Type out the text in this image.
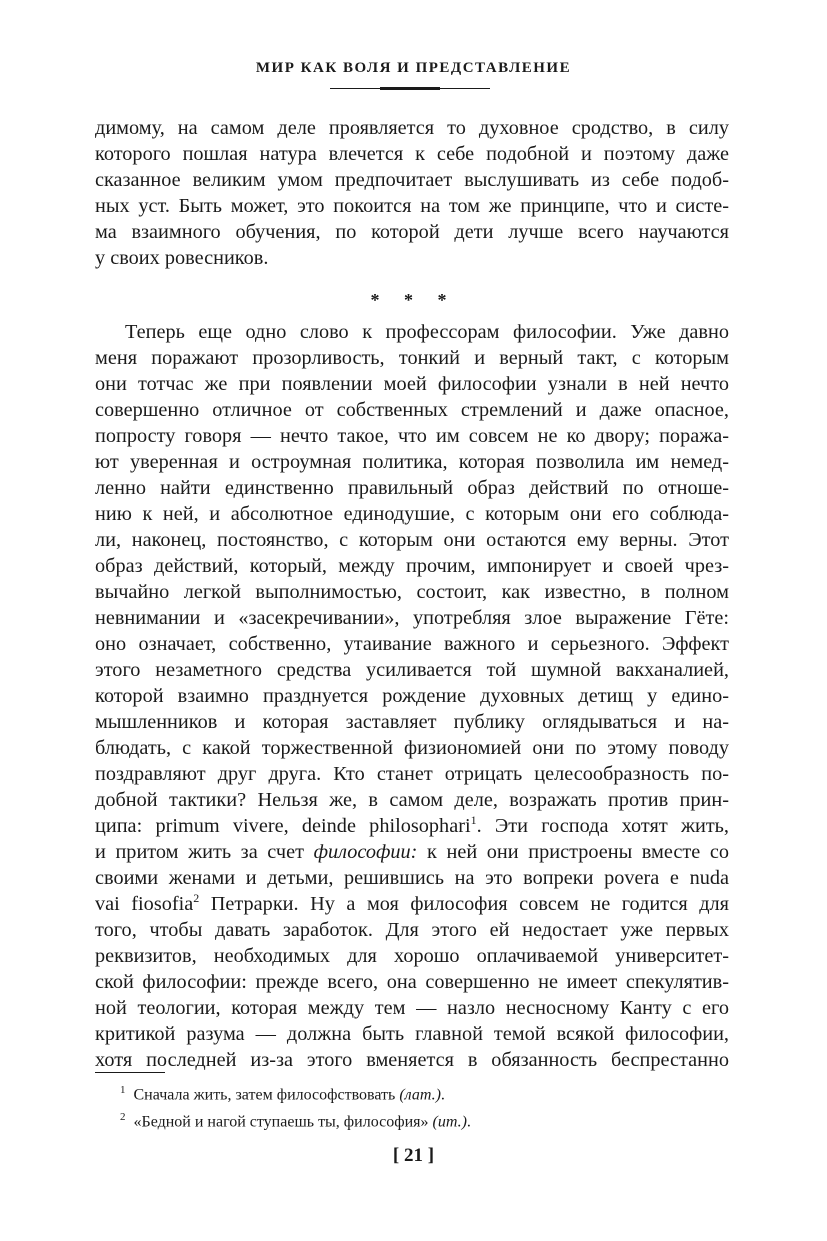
МИР КАК ВОЛЯ И ПРЕДСТАВЛЕНИЕ
димому, на самом деле проявляется то духовное сродство, в силу
которого пошлая натура влечется к себе подобной и поэтому даже
сказанное великим умом предпочитает выслушивать из себе подоб-
ных уст. Быть может, это покоится на том же принципе, что и систе-
ма взаимного обучения, по которой дети лучше всего научаются
у своих ровесников.
* * *
Теперь еще одно слово к профессорам философии. Уже давно
меня поражают прозорливость, тонкий и верный такт, с которым
они тотчас же при появлении моей философии узнали в ней нечто
совершенно отличное от собственных стремлений и даже опасное,
попросту говоря — нечто такое, что им совсем не ко двору; поража-
ют уверенная и остроумная политика, которая позволила им немед-
ленно найти единственно правильный образ действий по отноше-
нию к ней, и абсолютное единодушие, с которым они его соблюда-
ли, наконец, постоянство, с которым они остаются ему верны. Этот
образ действий, который, между прочим, импонирует и своей чрез-
вычайно легкой выполнимостью, состоит, как известно, в полном
невнимании и «засекречивании», употребляя злое выражение Гёте:
оно означает, собственно, утаивание важного и серьезного. Эффект
этого незаметного средства усиливается той шумной вакханалией,
которой взаимно празднуется рождение духовных детищ у едино-
мышленников и которая заставляет публику оглядываться и на-
блюдать, с какой торжественной физиономией они по этому поводу
поздравляют друг друга. Кто станет отрицать целесообразность по-
добной тактики? Нельзя же, в самом деле, возражать против прин-
ципа: primum vivere, deinde philosophari$^1$. Эти господа хотят жить,
и притом жить за счет философии: к ней они пристроены вместе со
своими женами и детьми, решившись на это вопреки povera e nuda
vai fiosofia$^2$ Петрарки. Ну а моя философия совсем не годится для
того, чтобы давать заработок. Для этого ей недостает уже первых
реквизитов, необходимых для хорошо оплачиваемой университет-
ской философии: прежде всего, она совершенно не имеет спекулятив-
ной теологии, которая между тем — назло несносному Канту с его
критикой разума — должна быть главной темой всякой философии,
хотя последней из-за этого вменяется в обязанность беспрестанно
$^1$ Сначала жить, затем философствовать (лат.).
$^2$ «Бедной и нагой ступаешь ты, философия» (ит.).
[ 21 ]
